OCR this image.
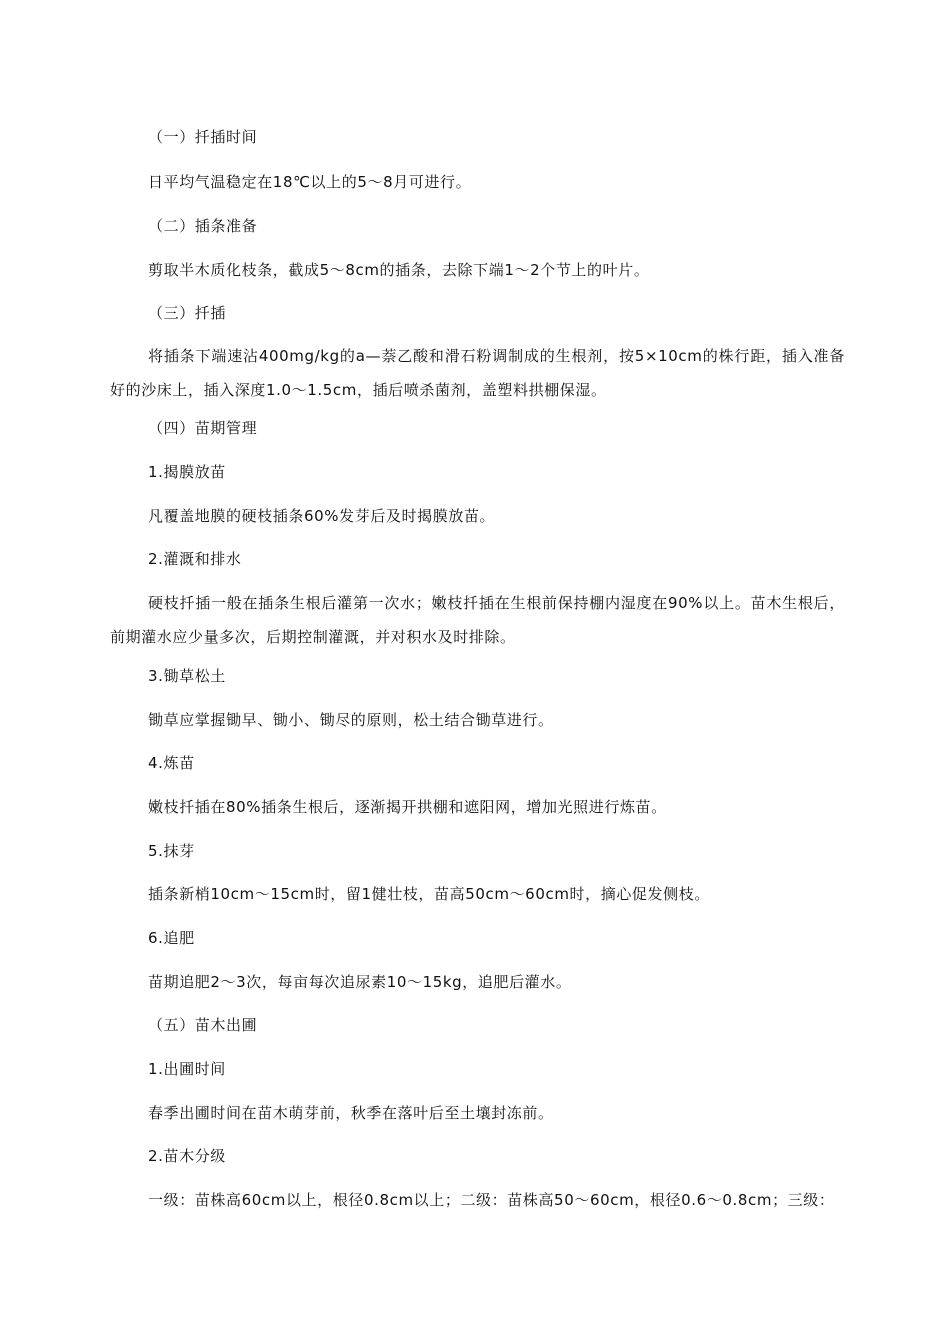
（一）扦插时间
日平均气温稳定在18℃以上的5～8月可进行。
（二）插条准备
剪取半木质化枝条，截成5～8cm的插条，去除下端1～2个节上的叶片。
（三）扦插
将插条下端速沾400mg/kg的a—萘乙酸和滑石粉调制成的生根剂，按5×10cm的株行距，插入准备好的沙床上，插入深度1.0～1.5cm，插后喷杀菌剂，盖塑料拱棚保湿。
（四）苗期管理
1.揭膜放苗
凡覆盖地膜的硬枝插条60%发芽后及时揭膜放苗。
2.灌溉和排水
硬枝扦插一般在插条生根后灌第一次水；嫩枝扦插在生根前保持棚内湿度在90%以上。苗木生根后，前期灌水应少量多次，后期控制灌溉，并对积水及时排除。
3.锄草松土
锄草应掌握锄早、锄小、锄尽的原则，松土结合锄草进行。
4.炼苗
嫩枝扦插在80%插条生根后，逐渐揭开拱棚和遮阳网，增加光照进行炼苗。
5.抹芽
插条新梢10cm～15cm时，留1健壮枝，苗高50cm～60cm时，摘心促发侧枝。
6.追肥
苗期追肥2～3次，每亩每次追尿素10～15kg，追肥后灌水。
（五）苗木出圃
1.出圃时间
春季出圃时间在苗木萌芽前，秋季在落叶后至土壤封冻前。
2.苗木分级
一级：苗株高60cm以上，根径0.8cm以上；二级：苗株高50～60cm，根径0.6～0.8cm；三级：
